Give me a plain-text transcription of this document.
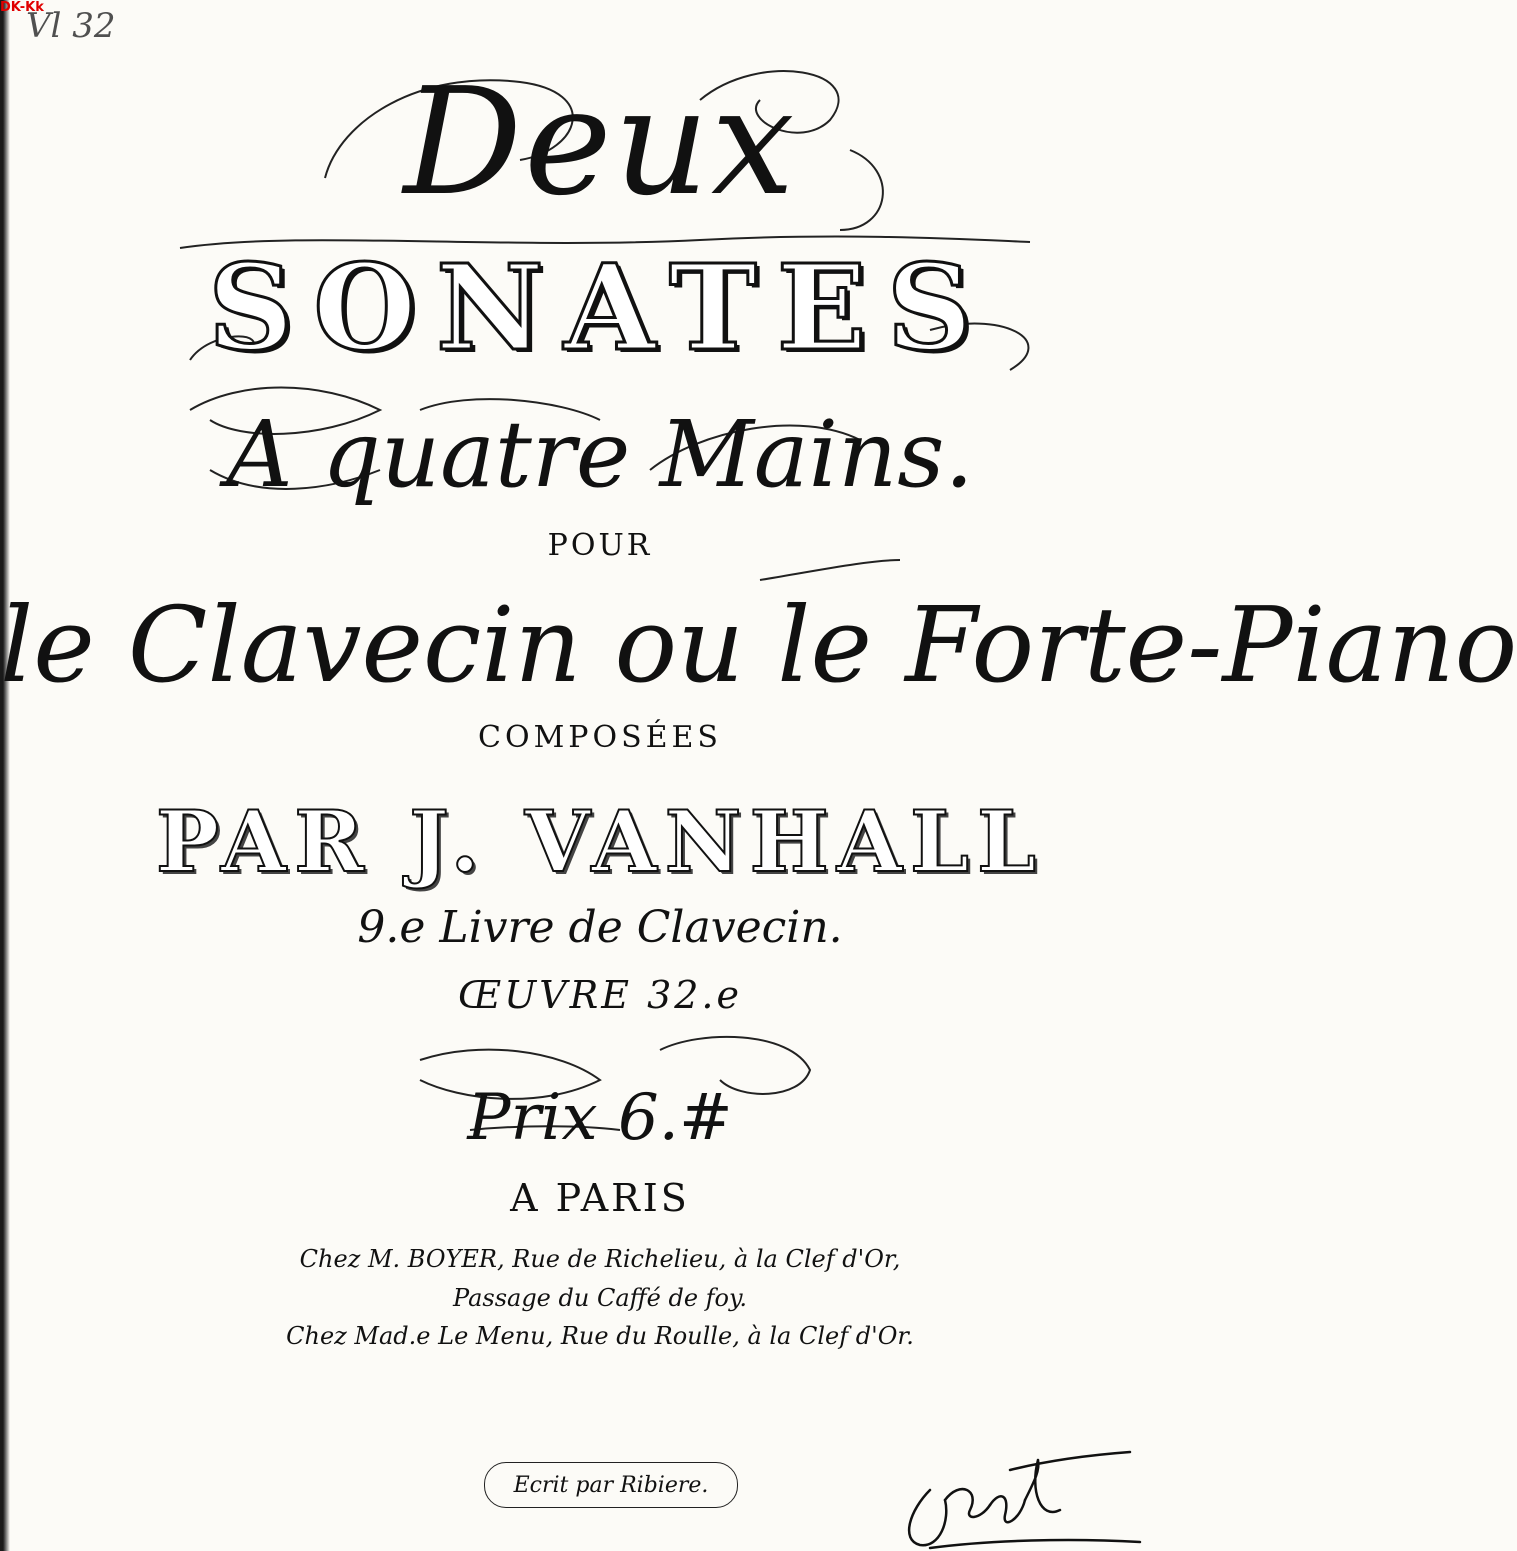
DK-Kk
Vl 32
Deux
SONATES
A quatre Mains.
POUR
le Clavecin ou le Forte-Piano
COMPOSÉES
PAR J. VANHALL
9.e Livre de Clavecin.
ŒUVRE 32.e
Prix 6.#
A PARIS
Chez M. BOYER, Rue de Richelieu, à la Clef d'Or,
Passage du Caffé de foy.
Chez Mad.e Le Menu, Rue du Roulle, à la Clef d'Or.
Ecrit par Ribiere.
